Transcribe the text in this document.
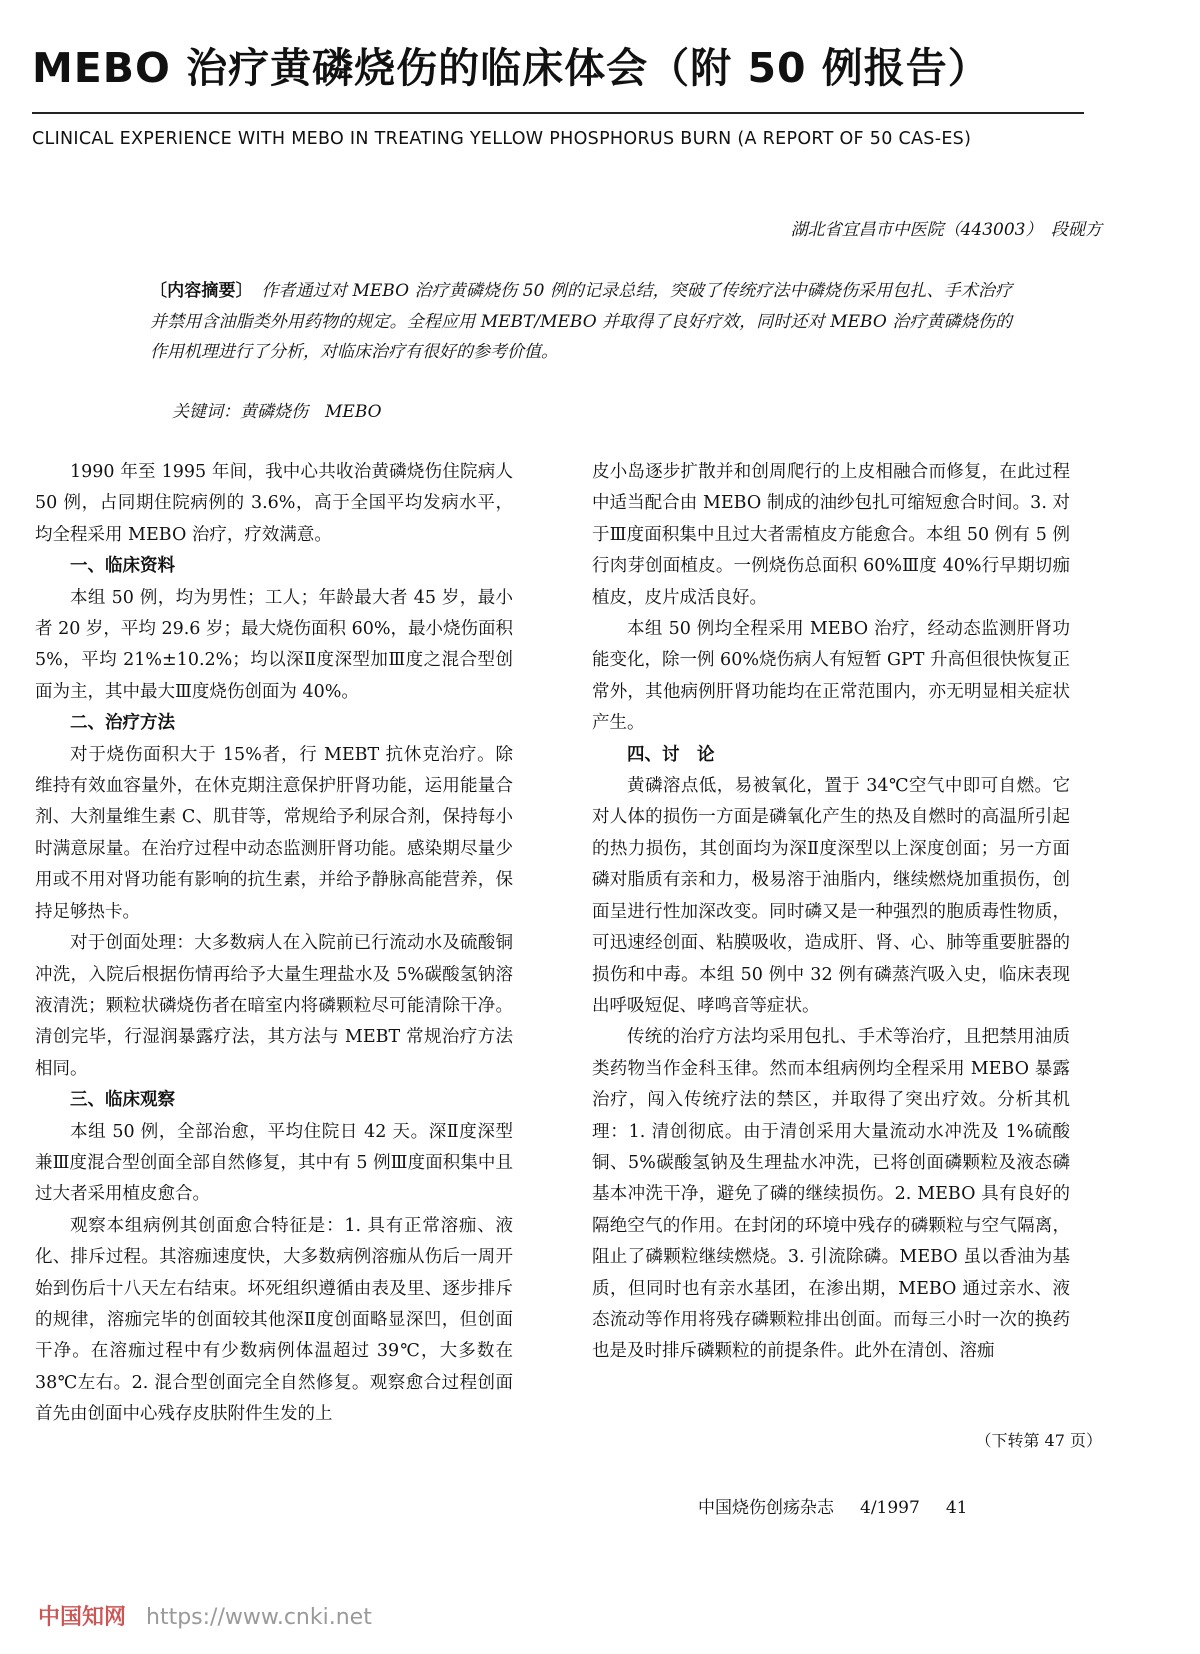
MEBO 治疗黄磷烧伤的临床体会（附 50 例报告）

CLINICAL EXPERIENCE WITH MEBO IN TREATING YELLOW PHOSPHORUS BURN (A REPORT OF 50 CAS-ES)

湖北省宜昌市中医院（443003）　段砚方

〔内容摘要〕　 作者通过对 MEBO 治疗黄磷烧伤 50 例的记录总结，突破了传统疗法中磷烧伤采用包扎、手术治疗并禁用含油脂类外用药物的规定。全程应用 MEBT/MEBO 并取得了良好疗效，同时还对 MEBO 治疗黄磷烧伤的作用机理进行了分析，对临床治疗有很好的参考价值。

关键词：黄磷烧伤　MEBO

1990 年至 1995 年间，我中心共收治黄磷烧伤住院病人 50 例，占同期住院病例的 3.6%，高于全国平均发病水平，均全程采用 MEBO 治疗，疗效满意。

一、临床资料

本组 50 例，均为男性；工人；年龄最大者 45 岁，最小者 20 岁，平均 29.6 岁；最大烧伤面积 60%，最小烧伤面积 5%，平均 21%±10.2%；均以深Ⅱ度深型加Ⅲ度之混合型创面为主，其中最大Ⅲ度烧伤创面为 40%。

二、治疗方法

对于烧伤面积大于 15%者，行 MEBT 抗休克治疗。除维持有效血容量外，在休克期注意保护肝肾功能，运用能量合剂、大剂量维生素 C、肌苷等，常规给予利尿合剂，保持每小时满意尿量。在治疗过程中动态监测肝肾功能。感染期尽量少用或不用对肾功能有影响的抗生素，并给予静脉高能营养，保持足够热卡。

对于创面处理：大多数病人在入院前已行流动水及硫酸铜冲洗，入院后根据伤情再给予大量生理盐水及 5%碳酸氢钠溶液清洗；颗粒状磷烧伤者在暗室内将磷颗粒尽可能清除干净。清创完毕，行湿润暴露疗法，其方法与 MEBT 常规治疗方法相同。

三、临床观察

本组 50 例，全部治愈，平均住院日 42 天。深Ⅱ度深型兼Ⅲ度混合型创面全部自然修复，其中有 5 例Ⅲ度面积集中且过大者采用植皮愈合。

观察本组病例其创面愈合特征是：1. 具有正常溶痂、液化、排斥过程。其溶痂速度快，大多数病例溶痂从伤后一周开始到伤后十八天左右结束。坏死组织遵循由表及里、逐步排斥的规律，溶痂完毕的创面较其他深Ⅱ度创面略显深凹，但创面干净。在溶痂过程中有少数病例体温超过 39℃，大多数在 38℃左右。2. 混合型创面完全自然修复。观察愈合过程创面首先由创面中心残存皮肤附件生发的上

皮小岛逐步扩散并和创周爬行的上皮相融合而修复，在此过程中适当配合由 MEBO 制成的油纱包扎可缩短愈合时间。3. 对于Ⅲ度面积集中且过大者需植皮方能愈合。本组 50 例有 5 例行肉芽创面植皮。一例烧伤总面积 60%Ⅲ度 40%行早期切痂植皮，皮片成活良好。

本组 50 例均全程采用 MEBO 治疗，经动态监测肝肾功能变化，除一例 60%烧伤病人有短暂 GPT 升高但很快恢复正常外，其他病例肝肾功能均在正常范围内，亦无明显相关症状产生。

四、讨　论

黄磷溶点低，易被氧化，置于 34℃空气中即可自燃。它对人体的损伤一方面是磷氧化产生的热及自燃时的高温所引起的热力损伤，其创面均为深Ⅱ度深型以上深度创面；另一方面磷对脂质有亲和力，极易溶于油脂内，继续燃烧加重损伤，创面呈进行性加深改变。同时磷又是一种强烈的胞质毒性物质，可迅速经创面、粘膜吸收，造成肝、肾、心、肺等重要脏器的损伤和中毒。本组 50 例中 32 例有磷蒸汽吸入史，临床表现出呼吸短促、哮鸣音等症状。

传统的治疗方法均采用包扎、手术等治疗，且把禁用油质类药物当作金科玉律。然而本组病例均全程采用 MEBO 暴露治疗，闯入传统疗法的禁区，并取得了突出疗效。分析其机理：1. 清创彻底。由于清创采用大量流动水冲洗及 1%硫酸铜、5%碳酸氢钠及生理盐水冲洗，已将创面磷颗粒及液态磷基本冲洗干净，避免了磷的继续损伤。2. MEBO 具有良好的隔绝空气的作用。在封闭的环境中残存的磷颗粒与空气隔离，阻止了磷颗粒继续燃烧。3. 引流除磷。MEBO 虽以香油为基质，但同时也有亲水基团，在渗出期，MEBO 通过亲水、液态流动等作用将残存磷颗粒排出创面。而每三小时一次的换药也是及时排斥磷颗粒的前提条件。此外在清创、溶痂

（下转第 47 页）

中国烧伤创疡杂志 4/1997 41

中国知网 https://www.cnki.net
